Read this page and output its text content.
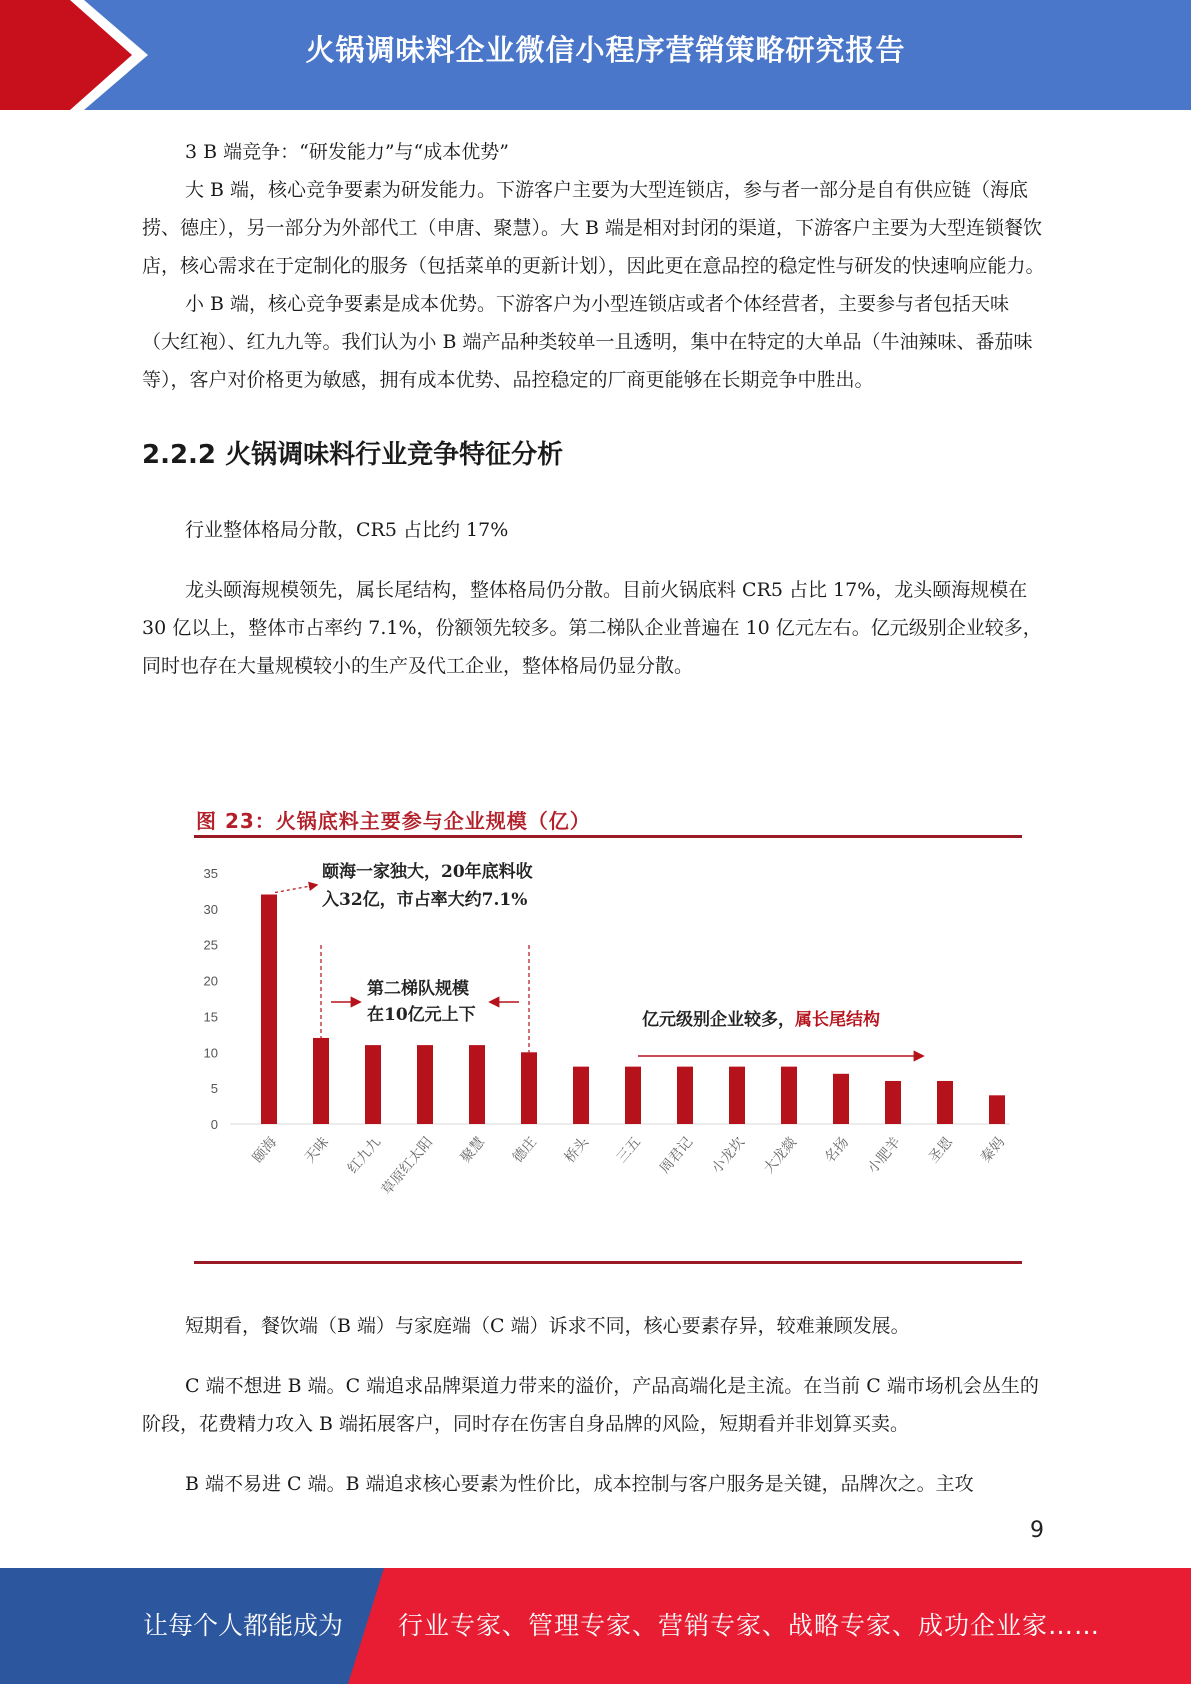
火锅调味料企业微信小程序营销策略研究报告

3 B 端竞争：“研发能力”与“成本优势”

大 B 端，核心竞争要素为研发能力。下游客户主要为大型连锁店，参与者一部分是自有供应链（海底捞、德庄），另一部分为外部代工（申唐、聚慧）。大 B 端是相对封闭的渠道，下游客户主要为大型连锁餐饮店，核心需求在于定制化的服务（包括菜单的更新计划），因此更在意品控的稳定性与研发的快速响应能力。

小 B 端，核心竞争要素是成本优势。下游客户为小型连锁店或者个体经营者，主要参与者包括天味（大红袍）、红九九等。我们认为小 B 端产品种类较单一且透明，集中在特定的大单品（牛油辣味、番茄味等），客户对价格更为敏感，拥有成本优势、品控稳定的厂商更能够在长期竞争中胜出。

2.2.2 火锅调味料行业竞争特征分析

行业整体格局分散，CR5 占比约 17%

龙头颐海规模领先，属长尾结构，整体格局仍分散。目前火锅底料 CR5 占比 17%，龙头颐海规模在 30 亿以上，整体市占率约 7.1%，份额领先较多。第二梯队企业普遍在 10 亿元左右。亿元级别企业较多，同时也存在大量规模较小的生产及代工企业，整体格局仍显分散。

图 23：火锅底料主要参与企业规模（亿）
0
5
10
15
20
25
30
35
颐海 天味 红九九
草原红太阳 聚慧 德庄 桥头 三五 周君记 小龙坎 大龙燚 名扬 小肥羊 圣恩 秦妈
颐海一家独大，20年底料收
入32亿，市占率大约7.1%
第二梯队规模
在10亿元上下	亿元级别企业较多，属长尾结构

短期看，餐饮端（B 端）与家庭端（C 端）诉求不同，核心要素存异，较难兼顾发展。

C 端不想进 B 端。C 端追求品牌渠道力带来的溢价，产品高端化是主流。在当前 C 端市场机会丛生的阶段，花费精力攻入 B 端拓展客户，同时存在伤害自身品牌的风险，短期看并非划算买卖。

B 端不易进 C 端。B 端追求核心要素为性价比，成本控制与客户服务是关键，品牌次之。主攻

9
让每个人都能成为 行业专家、管理专家、营销专家、战略专家、成功企业家……
